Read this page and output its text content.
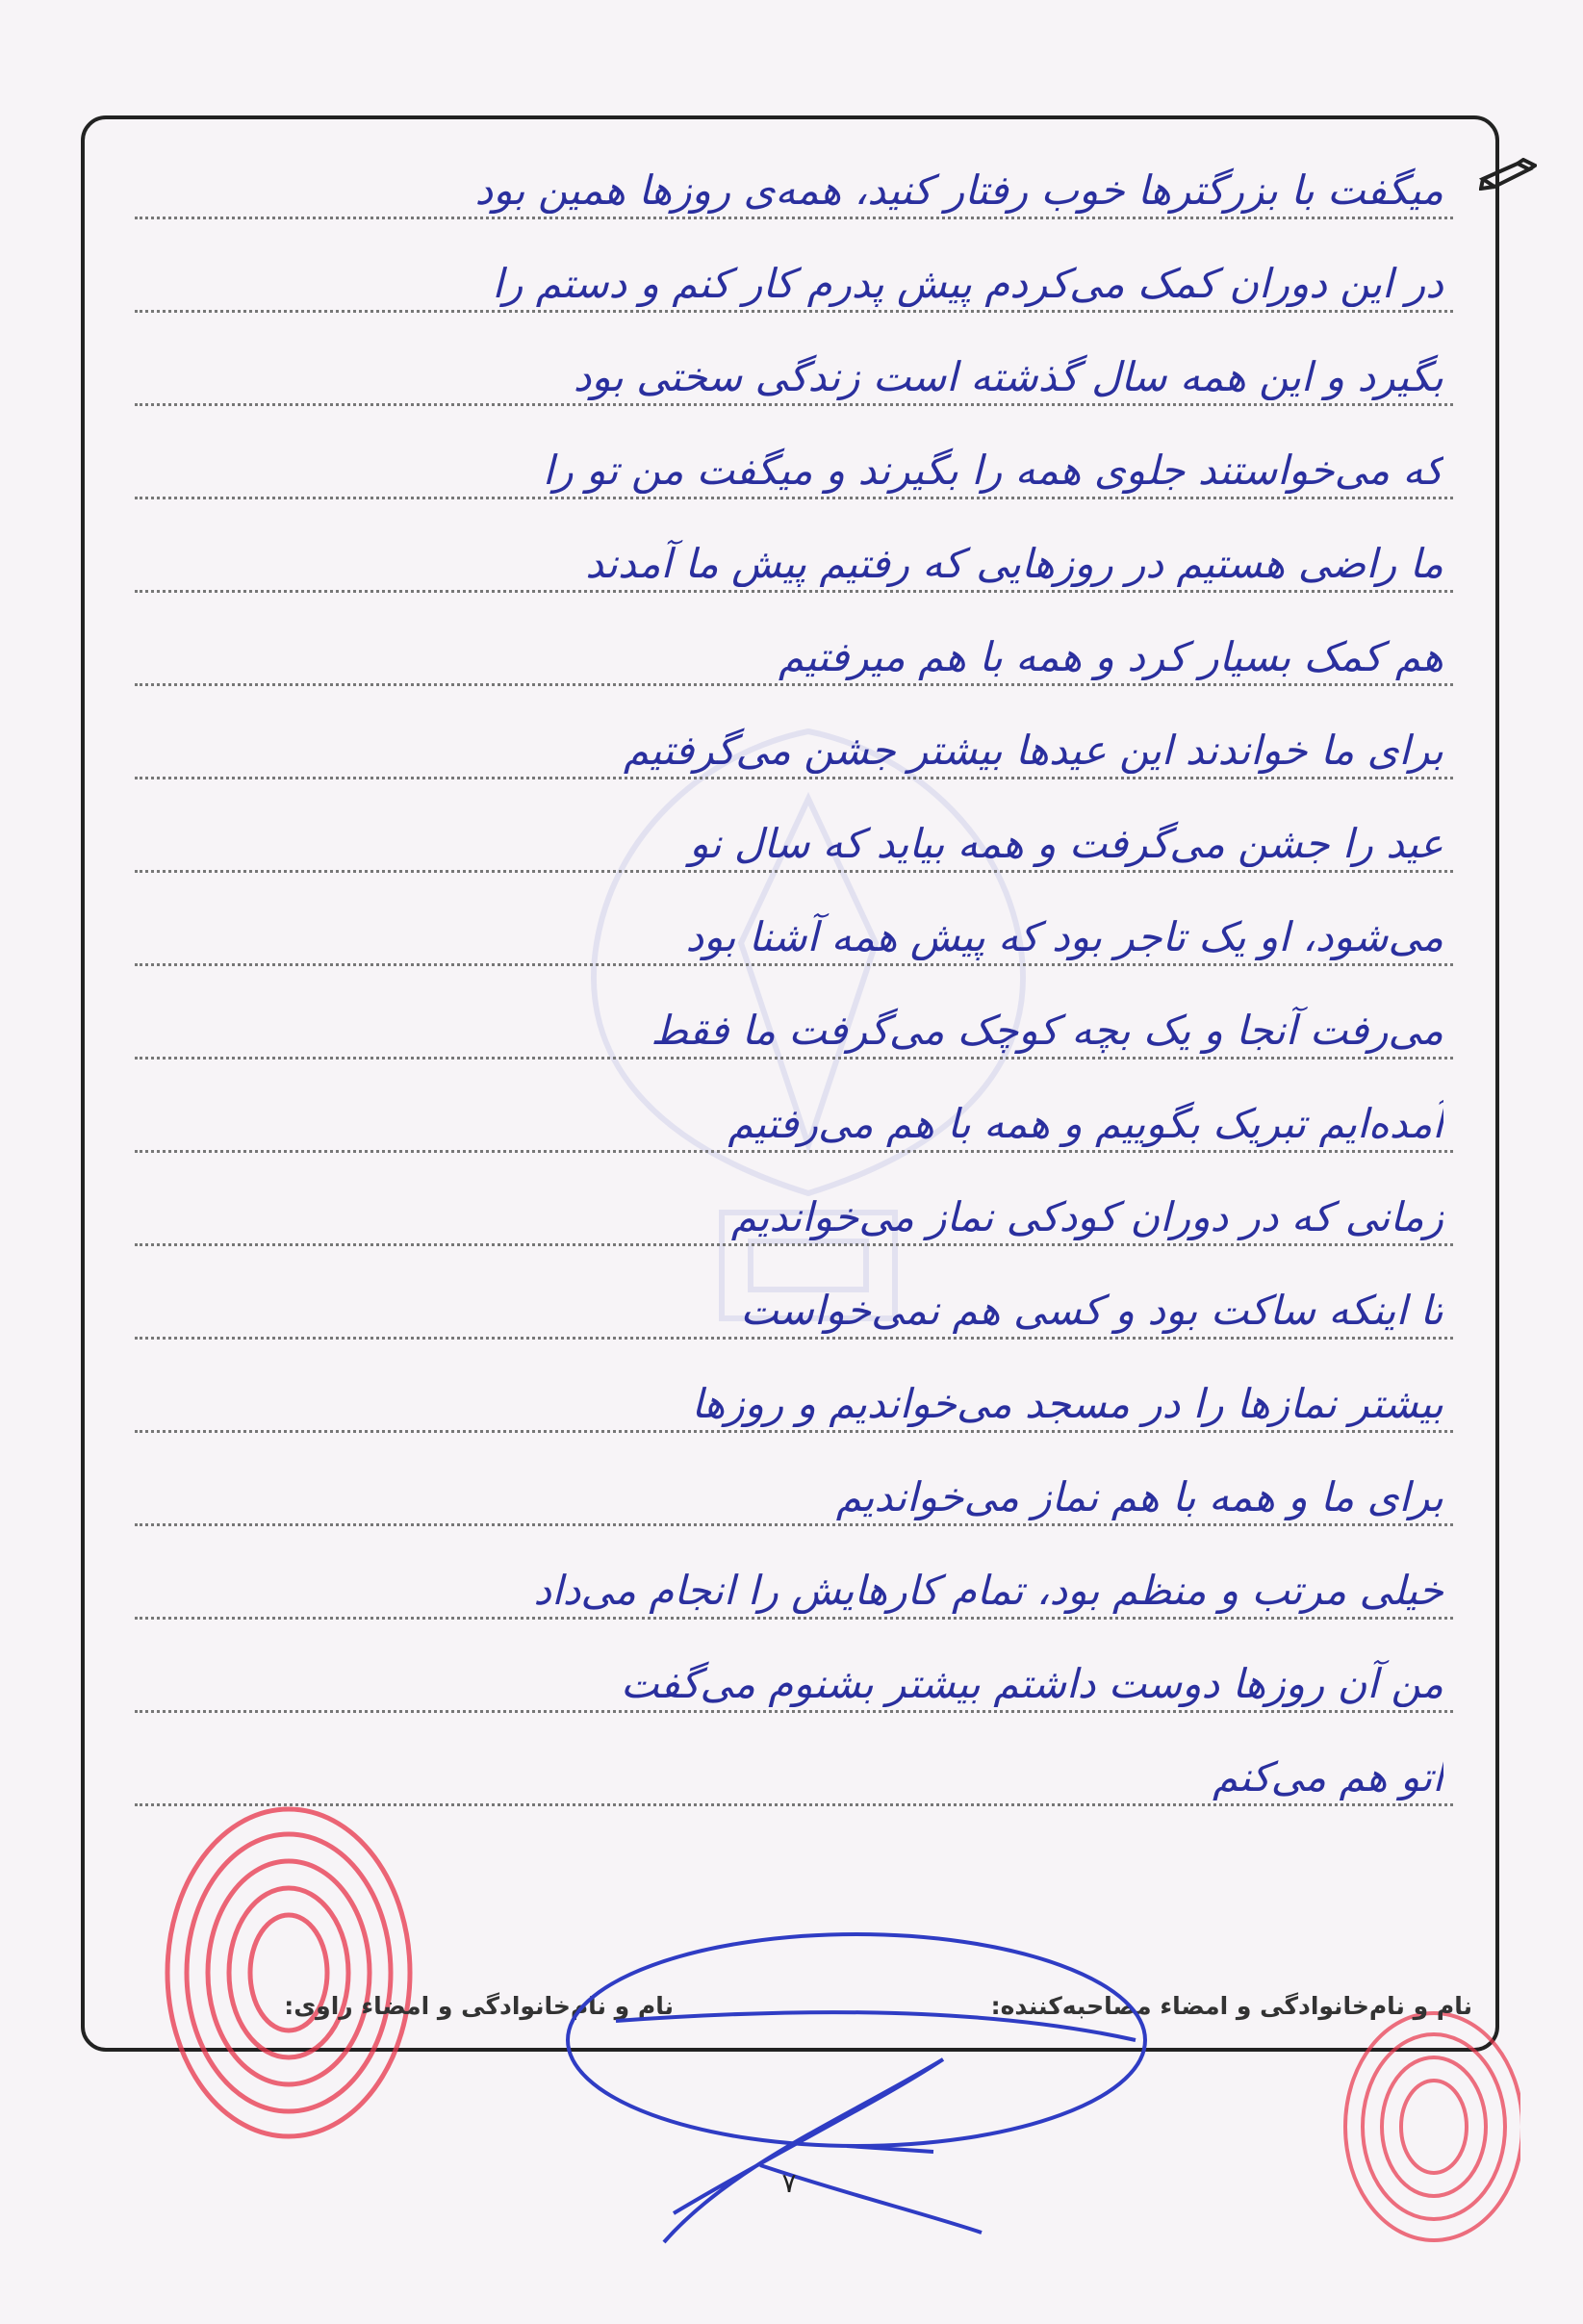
میگفت با بزرگترها خوب رفتار کنید، همه‌ی روزها همین بود
در این دوران کمک می‌کردم پیش پدرم کار کنم و دستم را
بگیرد و این همه سال گذشته است زندگی سختی بود
که می‌خواستند جلوی همه را بگیرند و میگفت من تو را
ما راضی هستیم در روزهایی که رفتیم پیش ما آمدند
هم کمک بسیار کرد و همه با هم میرفتیم
برای ما خواندند این عیدها بیشتر جشن می‌گرفتیم
عید را جشن می‌گرفت و همه بیاید که سال نو
می‌شود، او یک تاجر بود که پیش همه آشنا بود
می‌رفت آنجا و یک بچه کوچک می‌گرفت ما فقط
آمده‌ایم تبریک بگوییم و همه با هم می‌رفتیم
زمانی که در دوران کودکی نماز می‌خواندیم
تا اینکه ساکت بود و کسی هم نمی‌خواست
بیشتر نمازها را در مسجد می‌خواندیم و روزها
برای ما و همه با هم نماز می‌خواندیم
خیلی مرتب و منظم بود، تمام کارهایش را انجام می‌داد
من آن روزها دوست داشتم بیشتر بشنوم می‌گفت
اتو هم می‌کنم
نام و نام‌خانوادگی و امضاء مصاحبه‌کننده:
نام و نام‌خانوادگی و امضاء راوی:
۷
